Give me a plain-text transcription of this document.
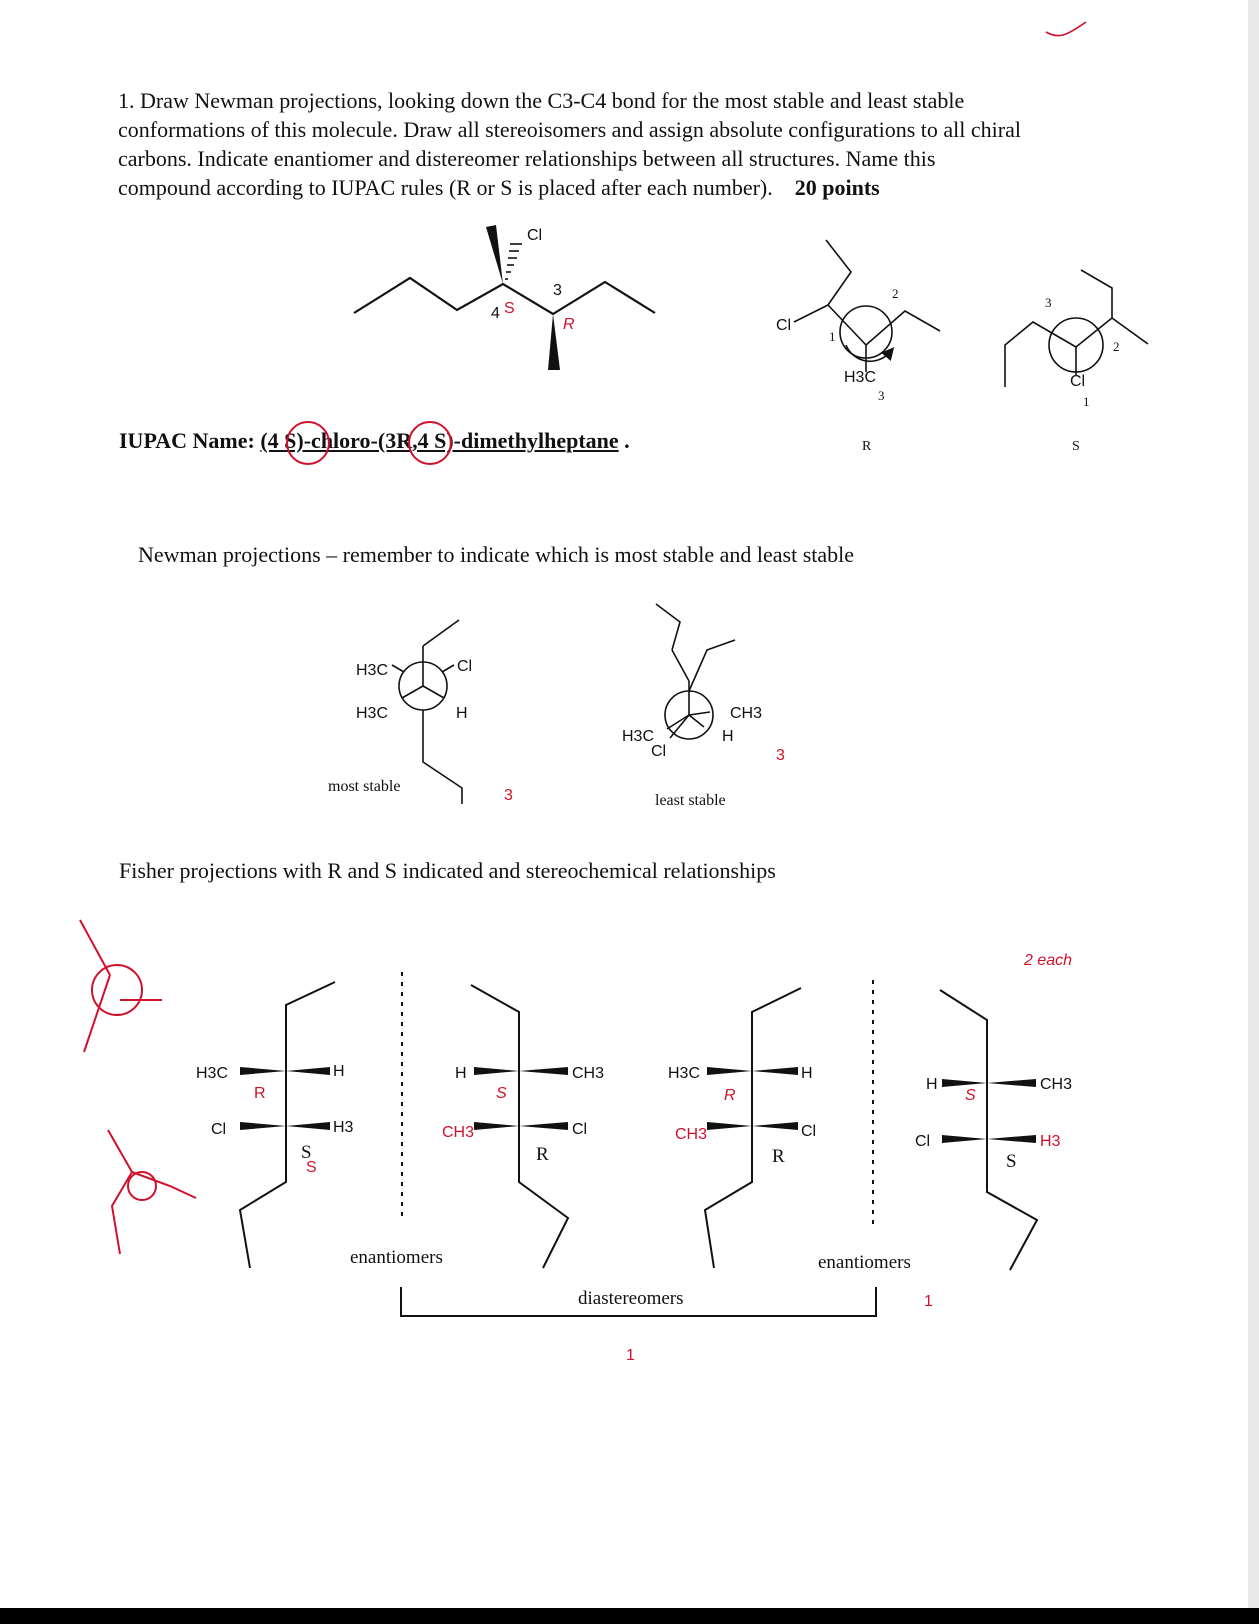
1. Draw Newman projections, looking down the C3-C4 bond for the most stable and least stable
conformations of this molecule. Draw all stereoisomers and assign absolute configurations to all chiral
carbons. Indicate enantiomer and distereomer relationships between all structures. Name this
compound according to IUPAC rules (R or S is placed after each number). 20 points
IUPAC Name: (4 S)-chloro-(3R,4 S)-dimethylheptane .
Newman projections – remember to indicate which is most stable and least stable
Fisher projections with R and S indicated and stereochemical relationships
most stable
least stable
enantiomers	enantiomers
diastereomers
Cl
3
4 S
R	Cl
H3C
1
2
3
R
Cl
1
2
3
S
H3C
H3C
Cl
H
3
CH3
H3C
Cl
H
3
H3C	H
Cl	H3
S
R
S
H	CH3
CH3	Cl
R
S
H3C	H
CH3	Cl
R
R
H	CH3
Cl	H3
S
S
2 each
1
1
